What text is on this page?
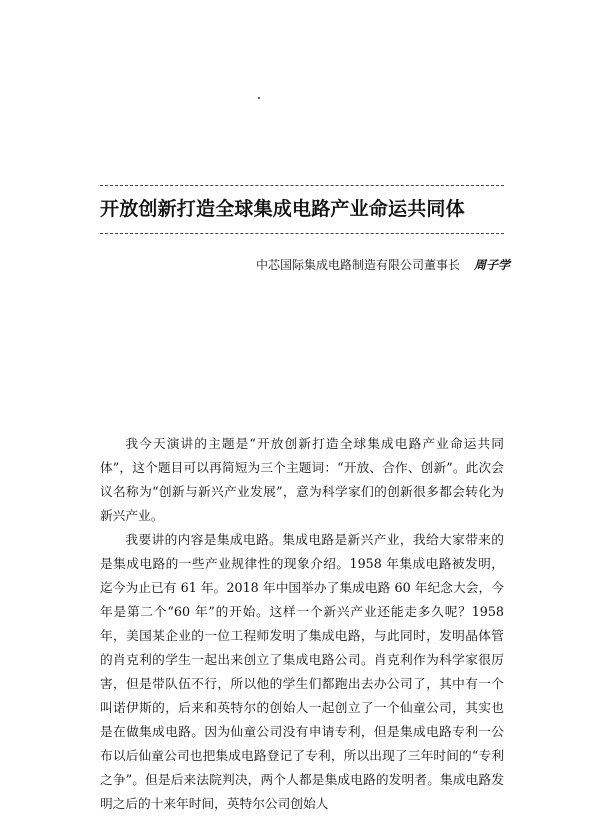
开放创新打造全球集成电路产业命运共同体
中芯国际集成电路制造有限公司董事长 周子学

我今天演讲的主题是“开放创新打造全球集成电路产业命运共同体”，这个题目可以再简短为三个主题词：“开放、合作、创新”。此次会议名称为“创新与新兴产业发展”，意为科学家们的创新很多都会转化为新兴产业。

我要讲的内容是集成电路。集成电路是新兴产业，我给大家带来的是集成电路的一些产业规律性的现象介绍。1958 年集成电路被发明，迄今为止已有 61 年。2018 年中国举办了集成电路 60 年纪念大会，今年是第二个“60 年”的开始。这样一个新兴产业还能走多久呢？1958 年，美国某企业的一位工程师发明了集成电路，与此同时，发明晶体管的肖克利的学生一起出来创立了集成电路公司。肖克利作为科学家很厉害，但是带队伍不行，所以他的学生们都跑出去办公司了，其中有一个叫诺伊斯的，后来和英特尔的创始人一起创立了一个仙童公司，其实也是在做集成电路。因为仙童公司没有申请专利，但是集成电路专利一公布以后仙童公司也把集成电路登记了专利，所以出现了三年时间的“专利之争”。但是后来法院判决，两个人都是集成电路的发明者。集成电路发明之后的十来年时间，英特尔公司创始人
